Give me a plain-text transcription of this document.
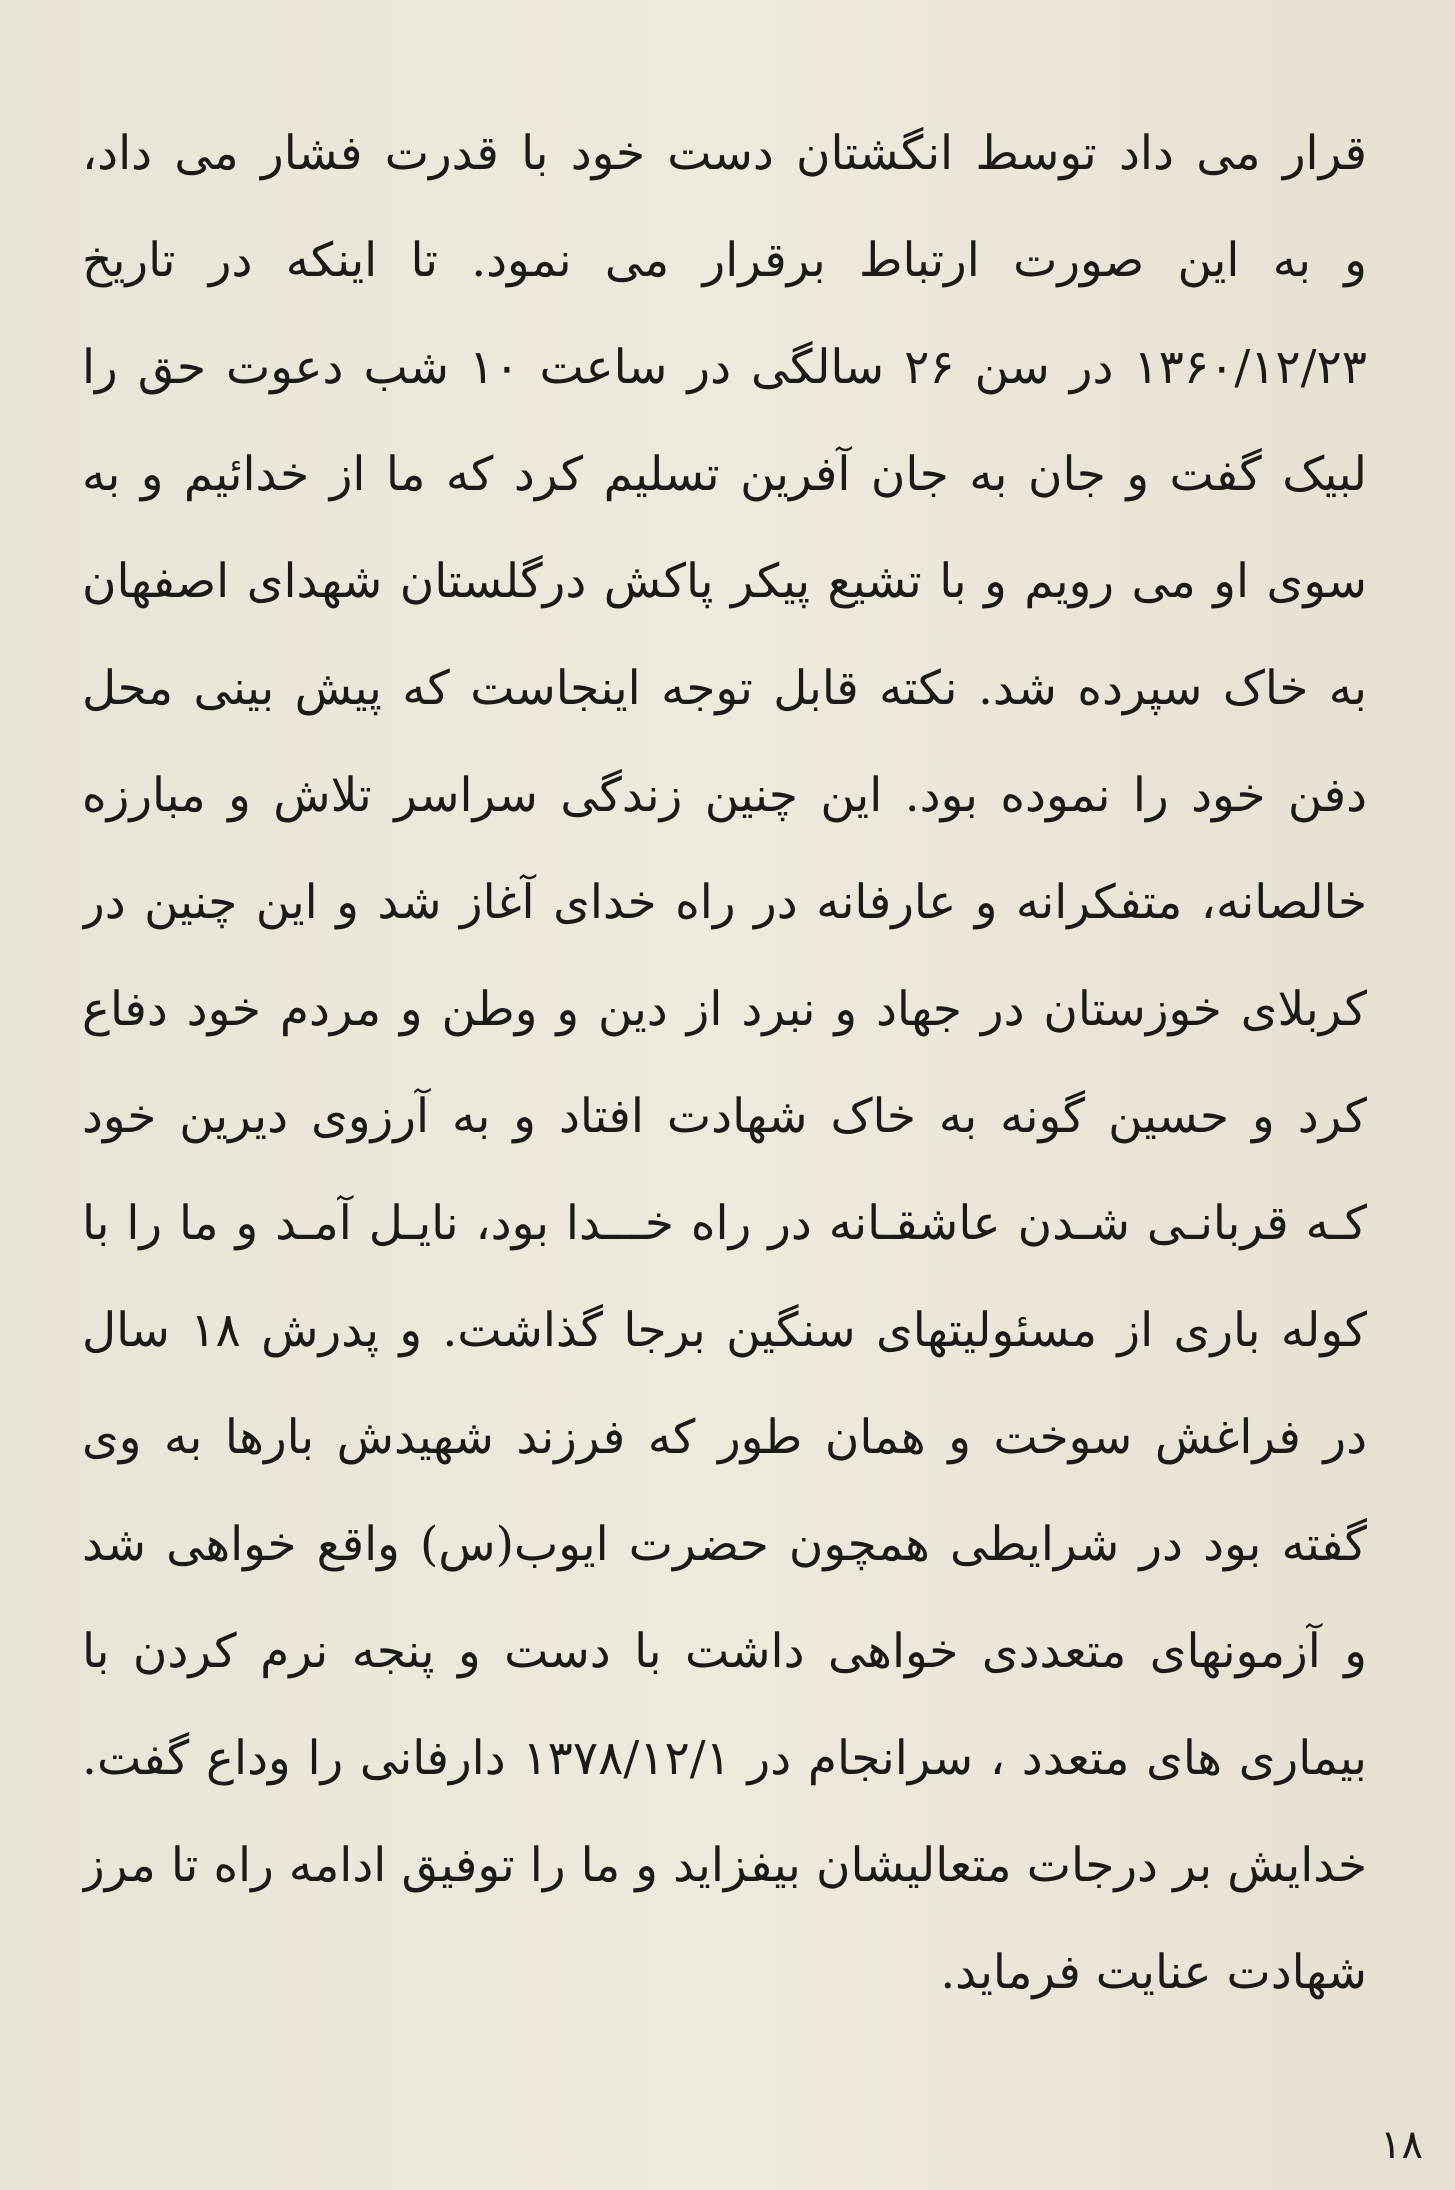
قرار می داد توسط انگشتان دست خود با قدرت فشار می داد،
و به این صورت ارتباط برقرار می نمود. تا اینکه در تاریخ
۱۳۶۰/۱۲/۲۳ در سن ۲۶ سالگی در ساعت ۱۰ شب دعوت حق را
لبیک گفت و جان به جان آفرین تسلیم کرد که ما از خدائیم و به
سوی او می رویم و با تشیع پیکر پاکش درگلستان شهدای اصفهان
به خاک سپرده شد. نکته قابل توجه اینجاست که پیش بینی محل
دفن خود را نموده بود. این چنین زندگی سراسر تلاش و مبارزه
خالصانه، متفکرانه و عارفانه در راه خدای آغاز شد و این چنین در
کربلای خوزستان در جهاد و نبرد از دین و وطن و مردم خود دفاع
کرد و حسین گونه به خاک شهادت افتاد و به آرزوی دیرین خود
کـه قربانـی شـدن عاشقـانه در راه خـــدا بود، نایـل آمـد و ما را با
کوله باری از مسئولیتهای سنگین برجا گذاشت. و پدرش ۱۸ سال
در فراغش سوخت و همان طور که فرزند شهیدش بارها به وی
گفته بود در شرایطی همچون حضرت ایوب(س) واقع خواهی شد
و آزمونهای متعددی خواهی داشت با دست و پنجه نرم کردن با
بیماری های متعدد ، سرانجام در ۱۳۷۸/۱۲/۱ دارفانی را وداع گفت.
خدایش بر درجات متعالیشان بیفزاید و ما را توفیق ادامه راه تا مرز
شهادت عنایت فرماید.
۱۸
